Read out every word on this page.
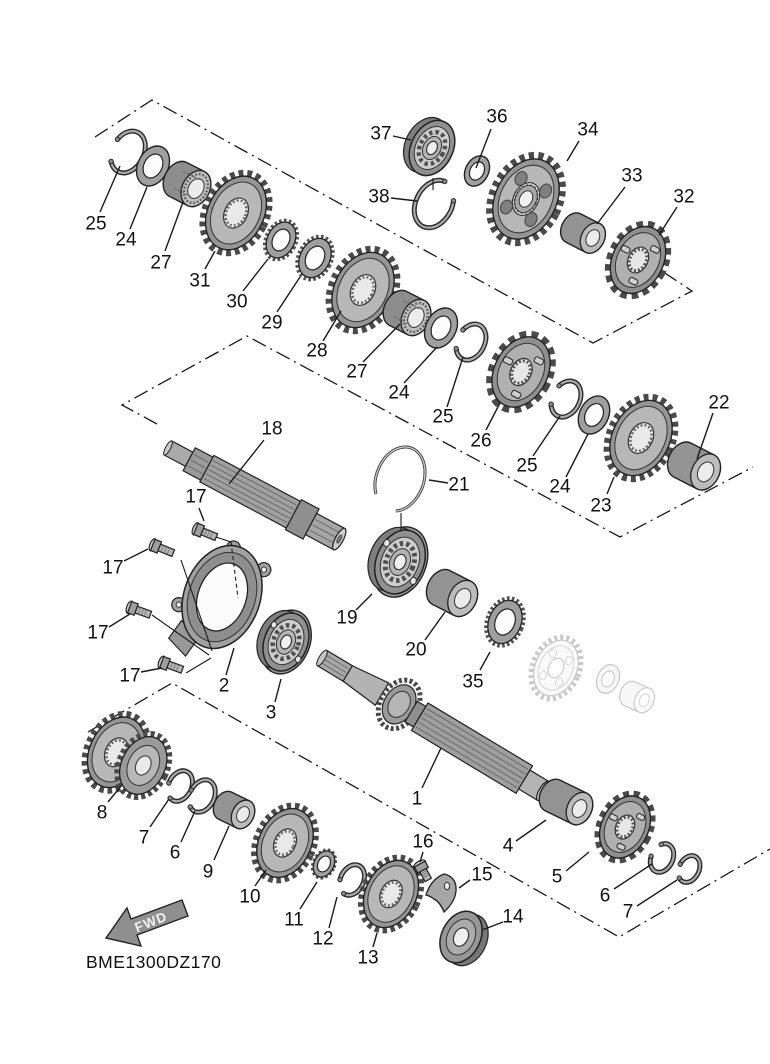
25
24
27
31
30
29
28
27
24
25
26
25
24
23
22
37
36
38
34
33
32
18
21
19
20
35
17
17
17
17	2
3
1
8
7
6
9
10
11
12
13
16
15
14
4
5
6
7
FWD
BME1300DZ170
